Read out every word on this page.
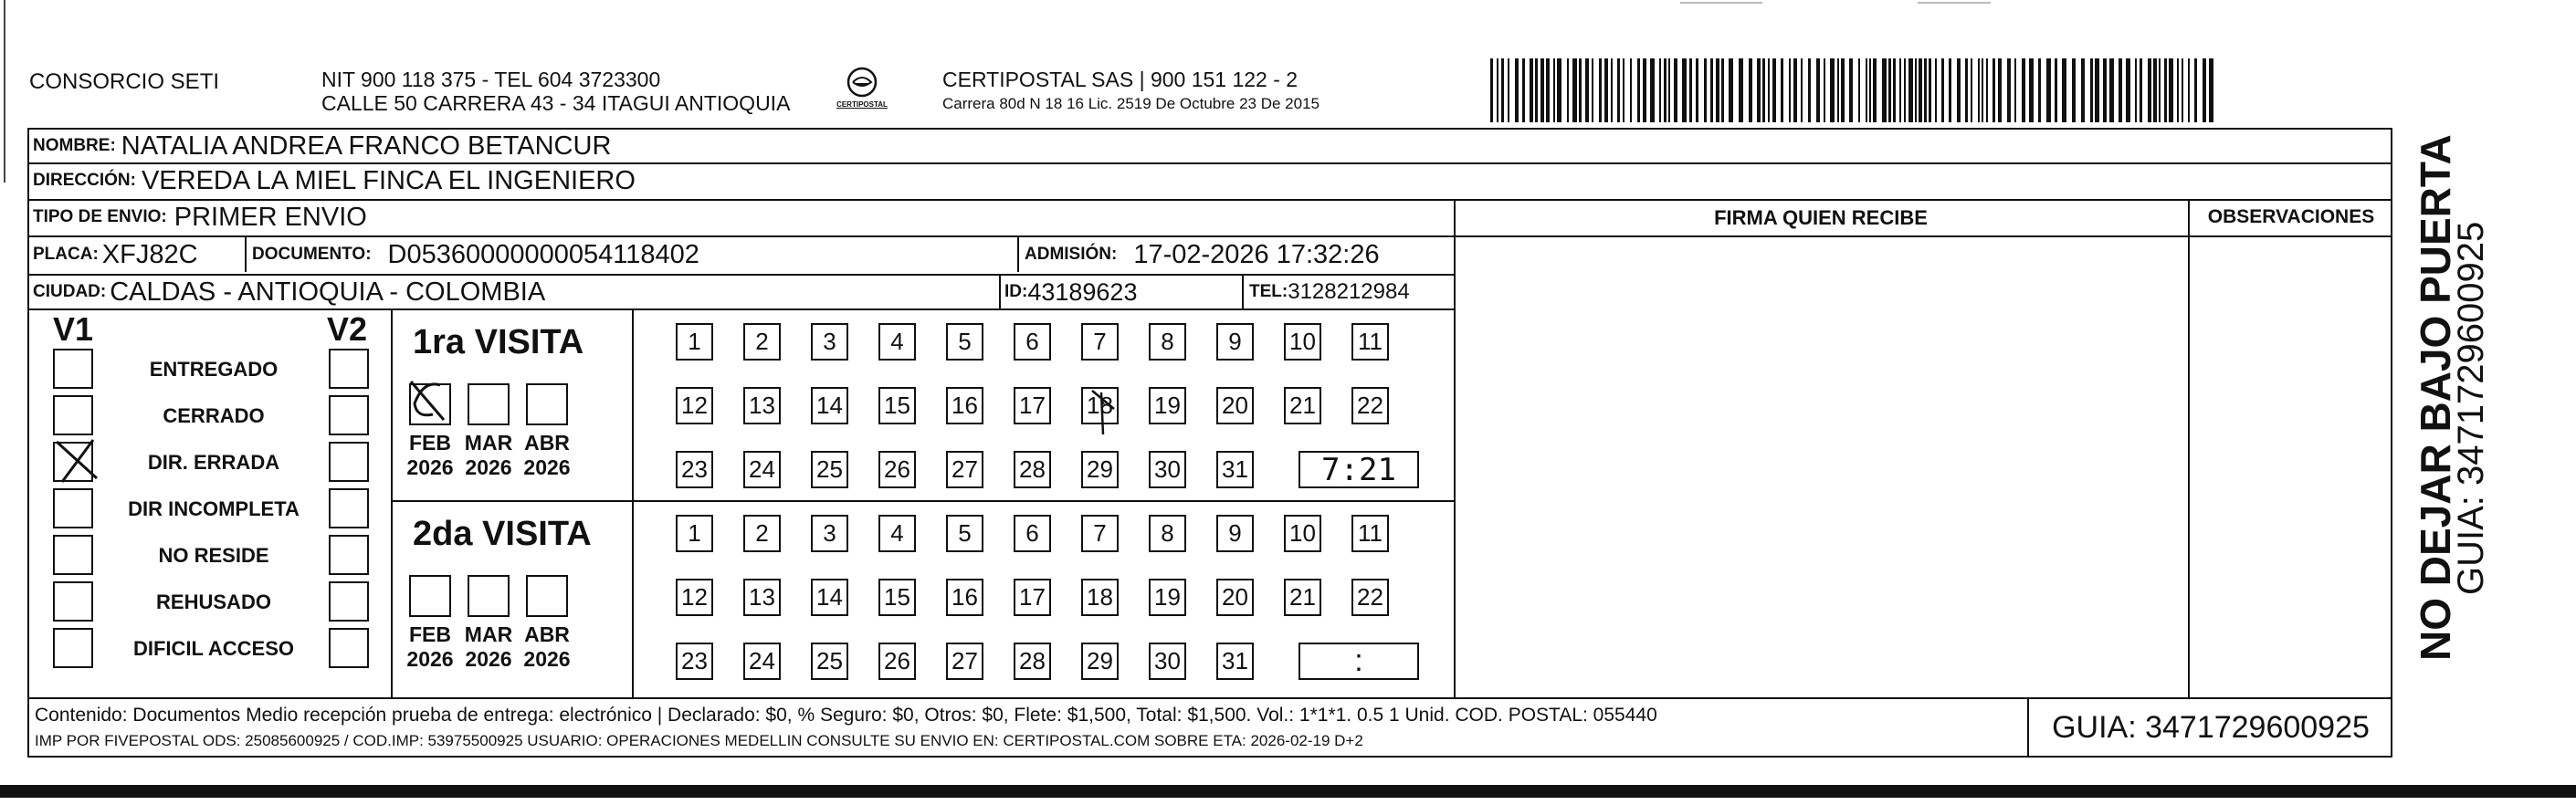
CONSORCIO SETI	NIT 900 118 375 - TEL 604 3723300
CALLE 50 CARRERA 43 - 34 ITAGUI ANTIOQUIA	CERTIPOSTAL
CERTIPOSTAL SAS | 900 151 122 - 2
Carrera 80d N 18 16 Lic. 2519 De Octubre 23 De 2015
NOMBRE: NATALIA ANDREA FRANCO BETANCUR
DIRECCIÓN: VEREDA LA MIEL FINCA EL INGENIERO
TIPO DE ENVIO: PRIMER ENVIO	FIRMA QUIEN RECIBE	OBSERVACIONES
PLACA: XFJ82C	DOCUMENTO: D05360000000054118402	ADMISIÓN: 17-02-2026 17:32:26
CIUDAD: CALDAS - ANTIOQUIA - COLOMBIA	ID: 43189623	TEL: 3128212984
V1	V2
ENTREGADO
CERRADO
DIR. ERRADA
DIR INCOMPLETA
NO RESIDE
REHUSADO
DIFICIL ACCESO
1ra VISITA
FEB
2026
MAR
2026
ABR
2026
1 2 3 4 5 6 7 8 9 10 11
12 13 14 15 16 17 18 19 20 21 22
23 24 25 26 27 28 29 30 31 7:21
2da VISITA
FEB
2026
MAR
2026
ABR
2026
1 2 3 4 5 6 7 8 9 10 11
12 13 14 15 16 17 18 19 20 21 22
23 24 25 26 27 28 29 30 31	:
Contenido: Documentos Medio recepción prueba de entrega: electrónico | Declarado: $0, % Seguro: $0, Otros: $0, Flete: $1,500, Total: $1,500. Vol.: 1*1*1. 0.5 1 Unid. COD. POSTAL: 055440
IMP POR FIVEPOSTAL ODS: 25085600925 / COD.IMP: 53975500925 USUARIO: OPERACIONES MEDELLIN CONSULTE SU ENVIO EN: CERTIPOSTAL.COM SOBRE ETA: 2026-02-19 D+2	GUIA: 3471729600925
NO DEJAR BAJO PUERTA
GUIA: 3471729600925
